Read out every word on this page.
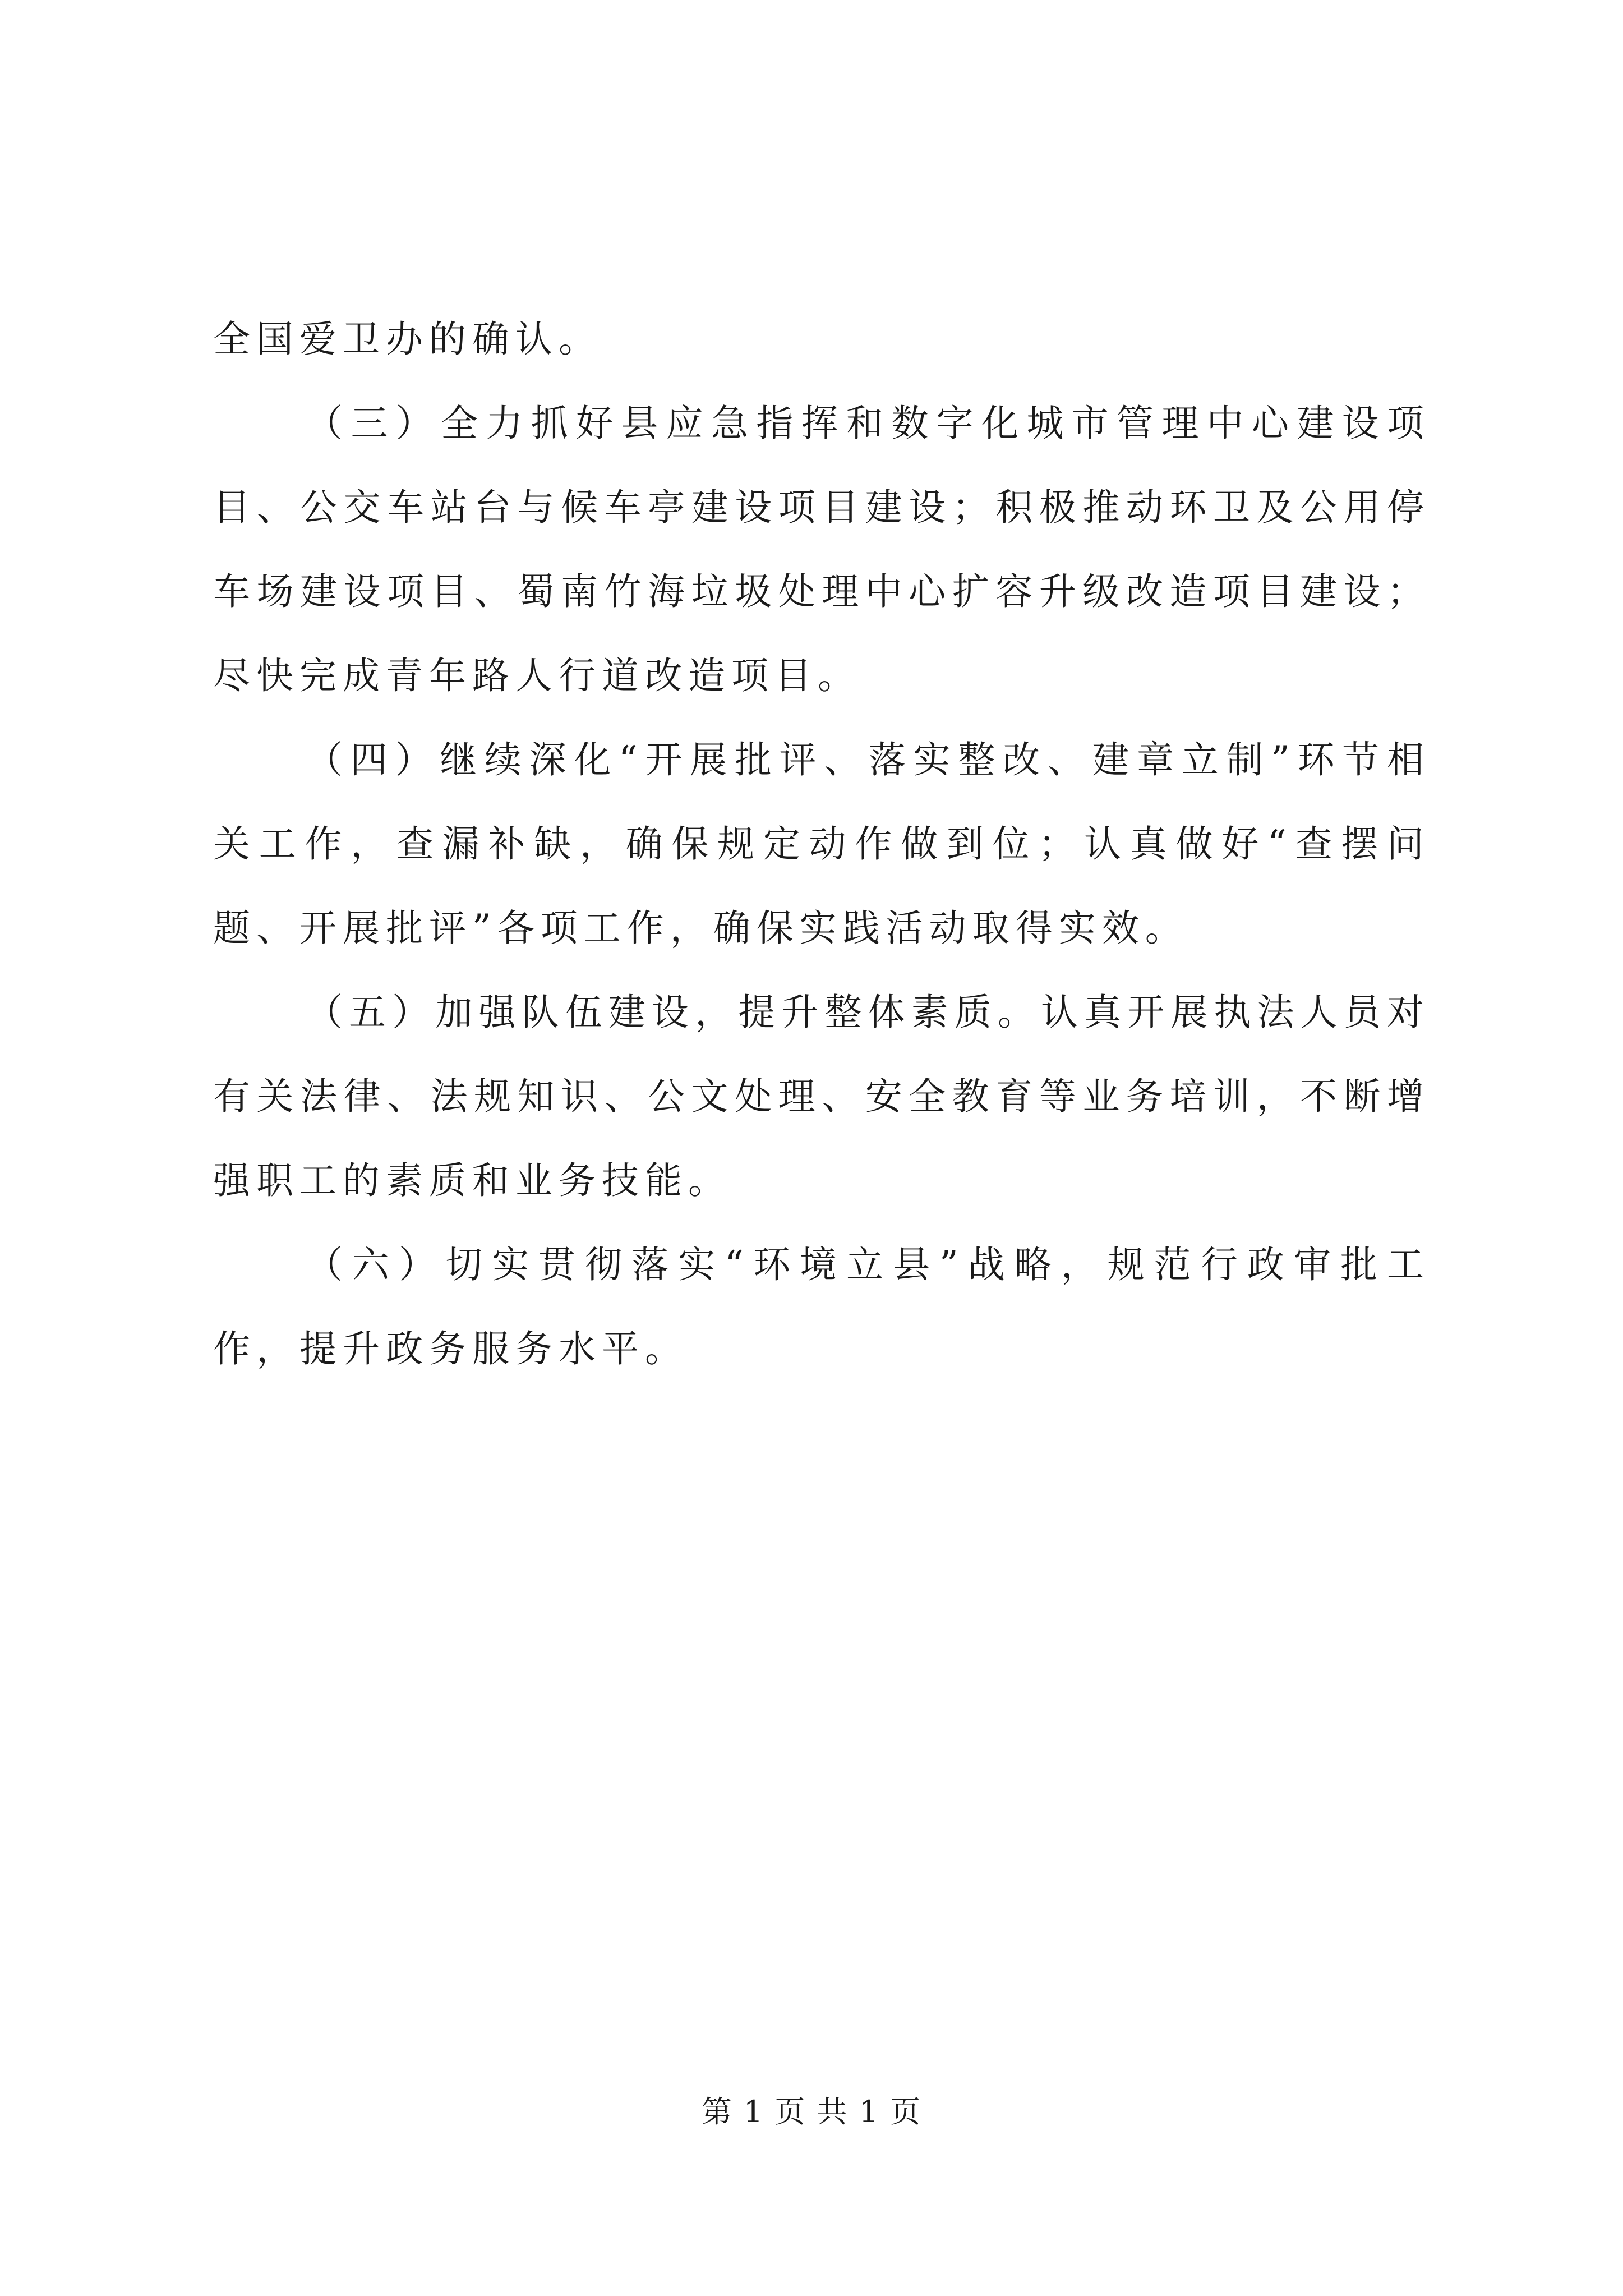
全国爱卫办的确认。

（三）全力抓好县应急指挥和数字化城市管理中心建设项目、公交车站台与候车亭建设项目建设；积极推动环卫及公用停车场建设项目、蜀南竹海垃圾处理中心扩容升级改造项目建设；尽快完成青年路人行道改造项目。

（四）继续深化“开展批评、落实整改、建章立制”环节相关工作，查漏补缺，确保规定动作做到位；认真做好“查摆问题、开展批评”各项工作，确保实践活动取得实效。

（五）加强队伍建设，提升整体素质。认真开展执法人员对有关法律、法规知识、公文处理、安全教育等业务培训，不断增强职工的素质和业务技能。

（六）切实贯彻落实“环境立县”战略，规范行政审批工作，提升政务服务水平。

第 1 页 共 1 页
